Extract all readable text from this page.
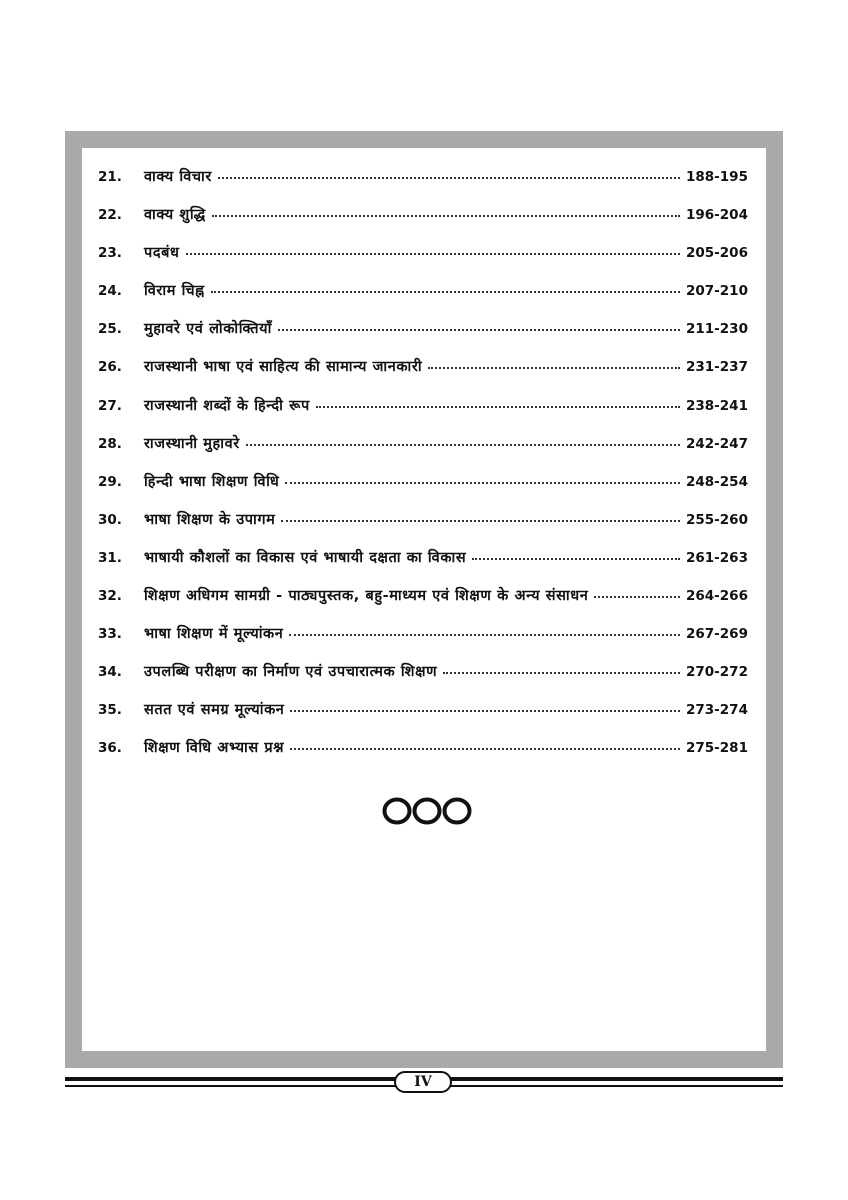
21.	वाक्य विचार	188-195
22.	वाक्य शुद्धि	196-204
23.	पदबंध	205-206
24.	विराम चिह्न	207-210
25.	मुहावरे एवं लोकोक्तियाँ	211-230
26.	राजस्थानी भाषा एवं साहित्य की सामान्य जानकारी	231-237
27.	राजस्थानी शब्दों के हिन्दी रूप	238-241
28.	राजस्थानी मुहावरे	242-247
29.	हिन्दी भाषा शिक्षण विधि	248-254
30.	भाषा शिक्षण के उपागम	255-260
31.	भाषायी कौशलों का विकास एवं भाषायी दक्षता का विकास	261-263
32.	शिक्षण अधिगम सामग्री - पाठ्यपुस्तक, बहु-माध्यम एवं शिक्षण के अन्य संसाधन	264-266
33.	भाषा शिक्षण में मूल्यांकन	267-269
34.	उपलब्धि परीक्षण का निर्माण एवं उपचारात्मक शिक्षण	270-272
35.	सतत एवं समग्र मूल्यांकन	273-274
36.	शिक्षण विधि अभ्यास प्रश्न	275-281
IV
